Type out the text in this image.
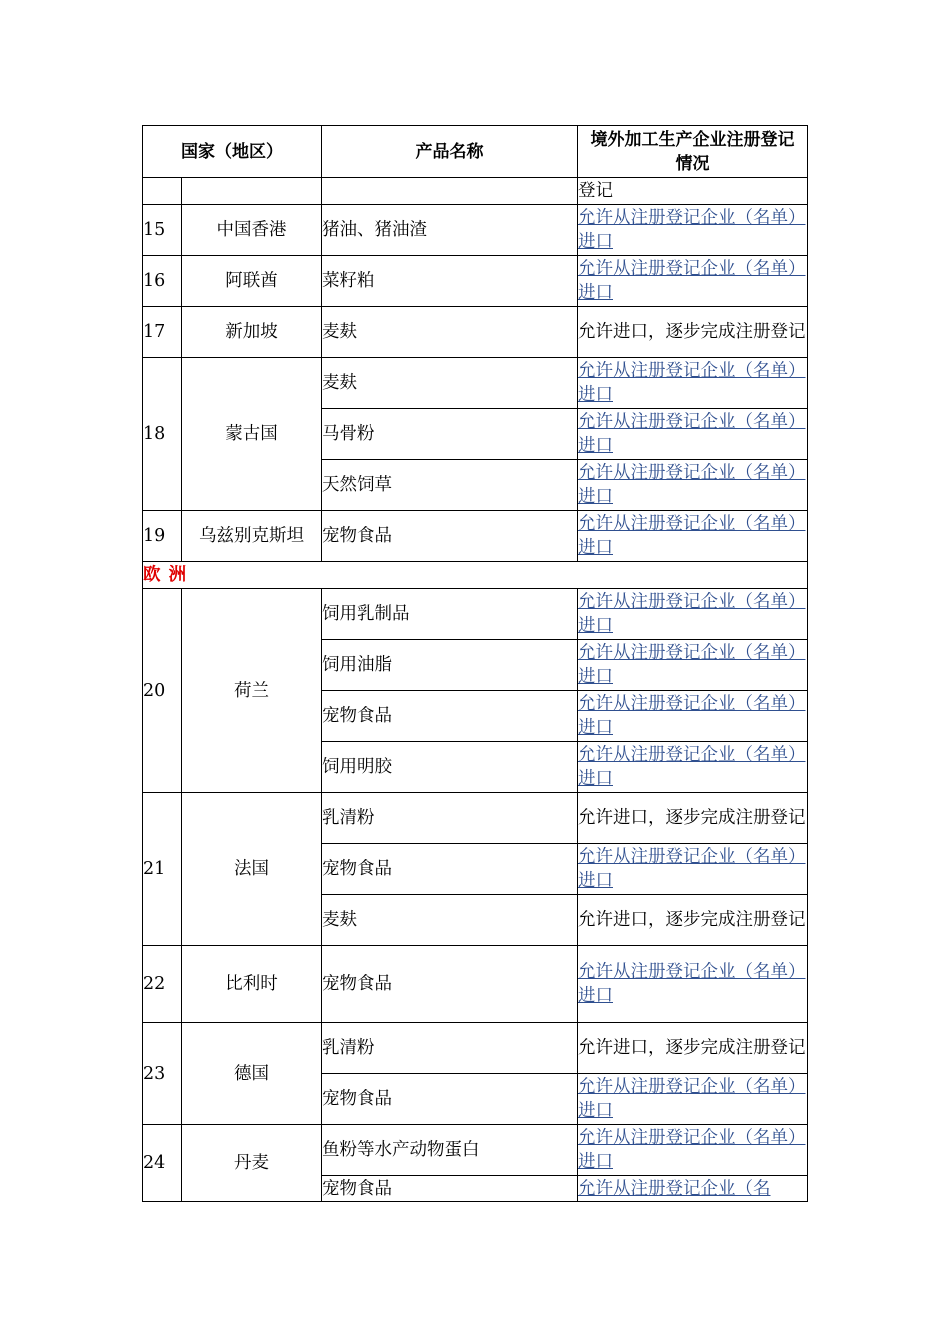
国家（地区）		产品名称	境外加工生产企业注册登记情况
			登记
15	中国香港	猪油、猪油渣	允许从注册登记企业（名单）进口
16	阿联酋	菜籽粕	允许从注册登记企业（名单）进口
17	新加坡	麦麸	允许进口，逐步完成注册登记
18	蒙古国	麦麸	允许从注册登记企业（名单）进口
		马骨粉	允许从注册登记企业（名单）进口
		天然饲草	允许从注册登记企业（名单）进口
19	乌兹别克斯坦	宠物食品	允许从注册登记企业（名单）进口
欧 洲			
20	荷兰	饲用乳制品	允许从注册登记企业（名单）进口
		饲用油脂	允许从注册登记企业（名单）进口
		宠物食品	允许从注册登记企业（名单）进口
		饲用明胶	允许从注册登记企业（名单）进口
21	法国	乳清粉	允许进口，逐步完成注册登记
		宠物食品	允许从注册登记企业（名单）进口
		麦麸	允许进口，逐步完成注册登记
22	比利时	宠物食品	允许从注册登记企业（名单）进口
23	德国	乳清粉	允许进口，逐步完成注册登记
		宠物食品	允许从注册登记企业（名单）进口
24	丹麦	鱼粉等水产动物蛋白	允许从注册登记企业（名单）进口
		宠物食品	允许从注册登记企业（名
